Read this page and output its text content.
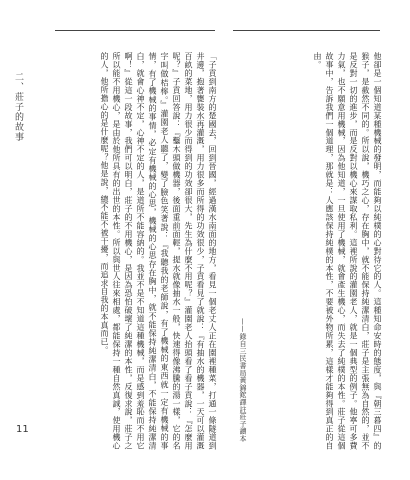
二、莊子的故事
11	「子貢到南方的楚國去，回到晉國，經過漢水南面的地方，看見一個老丈人正在園裡種菜，打通一條隧道到井邊，抱著甕裝水再灌溉，用力很多而所得的功效很少，子貢看見了就說：『有抽水的機器，一天可以灌溉百畝的菜地，用力很少而得到的功效卻很大，先生為什麼不用呢？』灌園老人抬頭看了看子貢說：『怎麼用呢？』子貢回答說：『鑿木頭做機器，後面重前面輕，提水就像抽水一般，快速得像沸騰的湯一樣，它的名字叫做桔槔。』灌園老人聽了，變了臉色笑著說：『我聽我的老師說，有了機械的東西就一定有機械的事情，有了機械的事情，必定有機械的心思，機械的心思存在胸中，就不能保持純潔清白，不能保持純潔清白，就會心神不定，心神不定的人，是道所不能容納的。我並不是不知道這種機械，而是感到羞恥而不用它啊！』從這一段故事，我們可以明白，莊子的不用機心，是因為恐怕破壞了純潔的本性，反復求說，莊子之所以能不用機心，是由於他所具有的出世的本性。所以與世人往來相處，都能保持一種自然真誠，使用機心的人，他所擔心的是什麼呢？他是說，總不能不被干擾，而追求自我的本真而已。	他卻是一個知道某種機械的發明，而能夠以純樸的心對待它的人。這種知命安時的態度，與『朝三暮四』的猴子，是截然不同的。所以說，機巧之心，存在胸中，就不能保持純潔清白，莊子是主張無為自然的，並不是反對一切的進步，而是反對以機心來謀取私利。這裡所說的灌園老人，就是一個典型的例子。他寧可多費力氣，也不願意用機械，因為他知道，一旦使用了機械，就會產生機心，而失去了純樸的本性。莊子從這個故事中，告訴我們一個道理，那就是：人應該保持純樸的本性，不要被外物所累，這樣才能夠得到真正的自由。
——錄自三民書局黃錦鋐譯註莊子讀本
